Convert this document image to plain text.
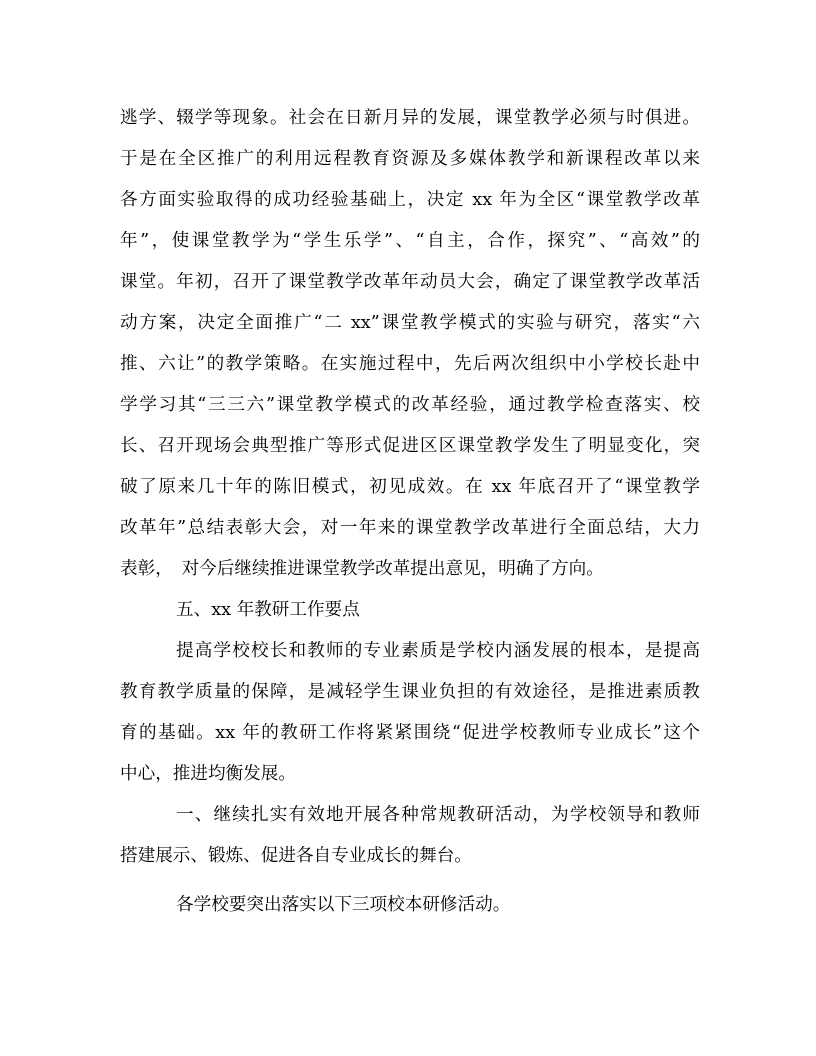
逃学、辍学等现象。社会在日新月异的发展，课堂教学必须与时俱进。
于是在全区推广的利用远程教育资源及多媒体教学和新课程改革以来
各方面实验取得的成功经验基础上，决定 xx 年为全区“课堂教学改革
年”，使课堂教学为“学生乐学”、“自主，合作，探究”、“高效”的
课堂。年初，召开了课堂教学改革年动员大会，确定了课堂教学改革活
动方案，决定全面推广“二 xx”课堂教学模式的实验与研究，落实“六
推、六让”的教学策略。在实施过程中，先后两次组织中小学校长赴中
学学习其“三三六”课堂教学模式的改革经验，通过教学检查落实、校
长、召开现场会典型推广等形式促进区区课堂教学发生了明显变化，突
破了原来几十年的陈旧模式，初见成效。在 xx 年底召开了“课堂教学
改革年”总结表彰大会，对一年来的课堂教学改革进行全面总结，大力
表彰，　对今后继续推进课堂教学改革提出意见，明确了方向。
五、xx 年教研工作要点
提高学校校长和教师的专业素质是学校内涵发展的根本，是提高
教育教学质量的保障，是减轻学生课业负担的有效途径，是推进素质教
育的基础。xx 年的教研工作将紧紧围绕“促进学校教师专业成长”这个
中心，推进均衡发展。
一、继续扎实有效地开展各种常规教研活动，为学校领导和教师
搭建展示、锻炼、促进各自专业成长的舞台。
各学校要突出落实以下三项校本研修活动。
